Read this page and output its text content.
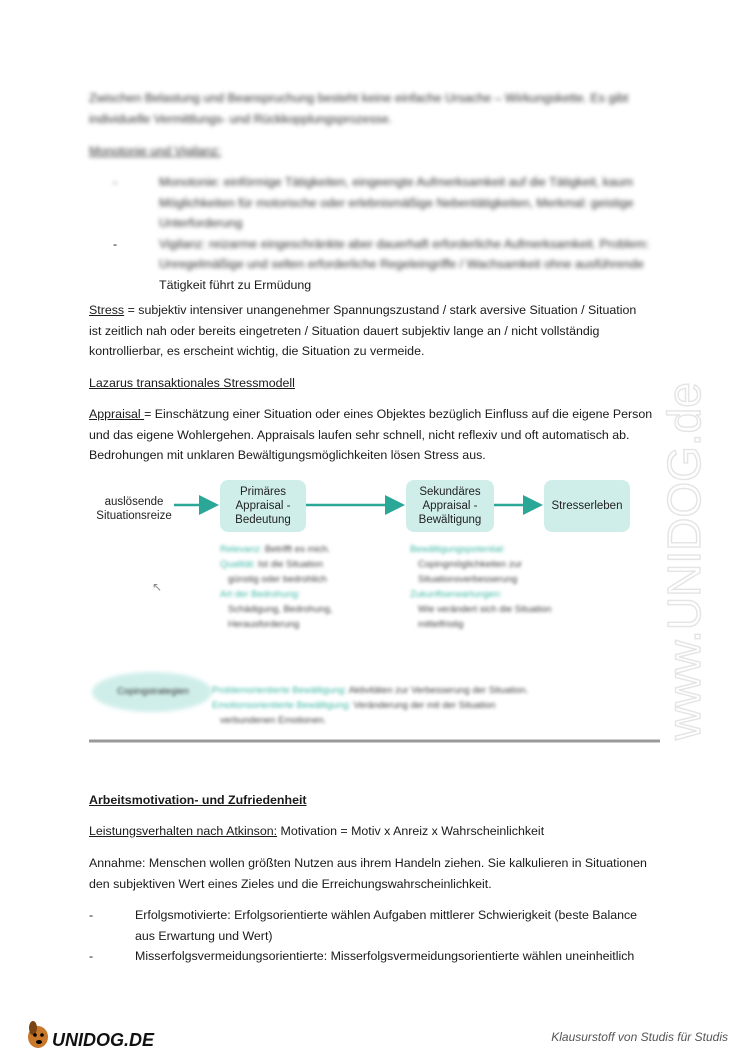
Zwischen Belastung und Beanspruchung besteht keine einfache Ursache – Wirkungskette. Es gibt
individuelle Vermittlungs- und Rückkopplungsprozesse.
Monotonie und Vigilanz:
- Monotonie: einförmige Tätigkeiten, eingeengte Aufmerksamkeit auf die Tätigkeit, kaum
Möglichkeiten für motorische oder erlebnismäßige Nebentätigkeiten, Merkmal: geistige
Unterforderung
- Vigilanz: reizarme eingeschränkte aber dauerhaft erforderliche Aufmerksamkeit. Problem:
Unregelmäßige und selten erforderliche Regeleingriffe / Wachsamkeit ohne ausführende
Tätigkeit führt zu Ermüdung
Stress = subjektiv intensiver unangenehmer Spannungszustand / stark aversive Situation / Situation
ist zeitlich nah oder bereits eingetreten / Situation dauert subjektiv lange an / nicht vollständig
kontrollierbar, es erscheint wichtig, die Situation zu vermeide.
Lazarus transaktionales Stressmodell
Appraisal = Einschätzung einer Situation oder eines Objektes bezüglich Einfluss auf die eigene Person
und das eigene Wohlergehen. Appraisals laufen sehr schnell, nicht reflexiv und oft automatisch ab.
Bedrohungen mit unklaren Bewältigungsmöglichkeiten lösen Stress aus.
auslösende
Situationsreize
Primäres
Appraisal -
Bedeutung
Sekundäres
Appraisal -
Bewältigung
Stresserleben
Relevanz: Betrifft es mich.
Qualität: Ist die Situation
günstig oder bedrohlich
Art der Bedrohung:
Schädigung, Bedrohung,
Herausforderung
Bewältigungspotential:
Copingmöglichkeiten zur
Situationsverbesserung
Zukunftserwartungen:
Wie verändert sich die Situation
mittelfristig
Copingstrategien	Problemorientierte Bewältigung: Aktivitäten zur Verbesserung der Situation.
Emotionsorientierte Bewältigung: Veränderung der mit der Situation
verbundenen Emotionen.
↖
Arbeitsmotivation- und Zufriedenheit
Leistungsverhalten nach Atkinson: Motivation = Motiv x Anreiz x Wahrscheinlichkeit
Annahme: Menschen wollen größten Nutzen aus ihrem Handeln ziehen. Sie kalkulieren in Situationen
den subjektiven Wert eines Zieles und die Erreichungswahrscheinlichkeit.
- Erfolgsmotivierte: Erfolgsorientierte wählen Aufgaben mittlerer Schwierigkeit (beste Balance
aus Erwartung und Wert)
- Misserfolgsvermeidungsorientierte: Misserfolgsvermeidungsorientierte wählen uneinheitlich
www.UNIDOG.de
UNIDOG.DE	Klausurstoff von Studis für Studis
